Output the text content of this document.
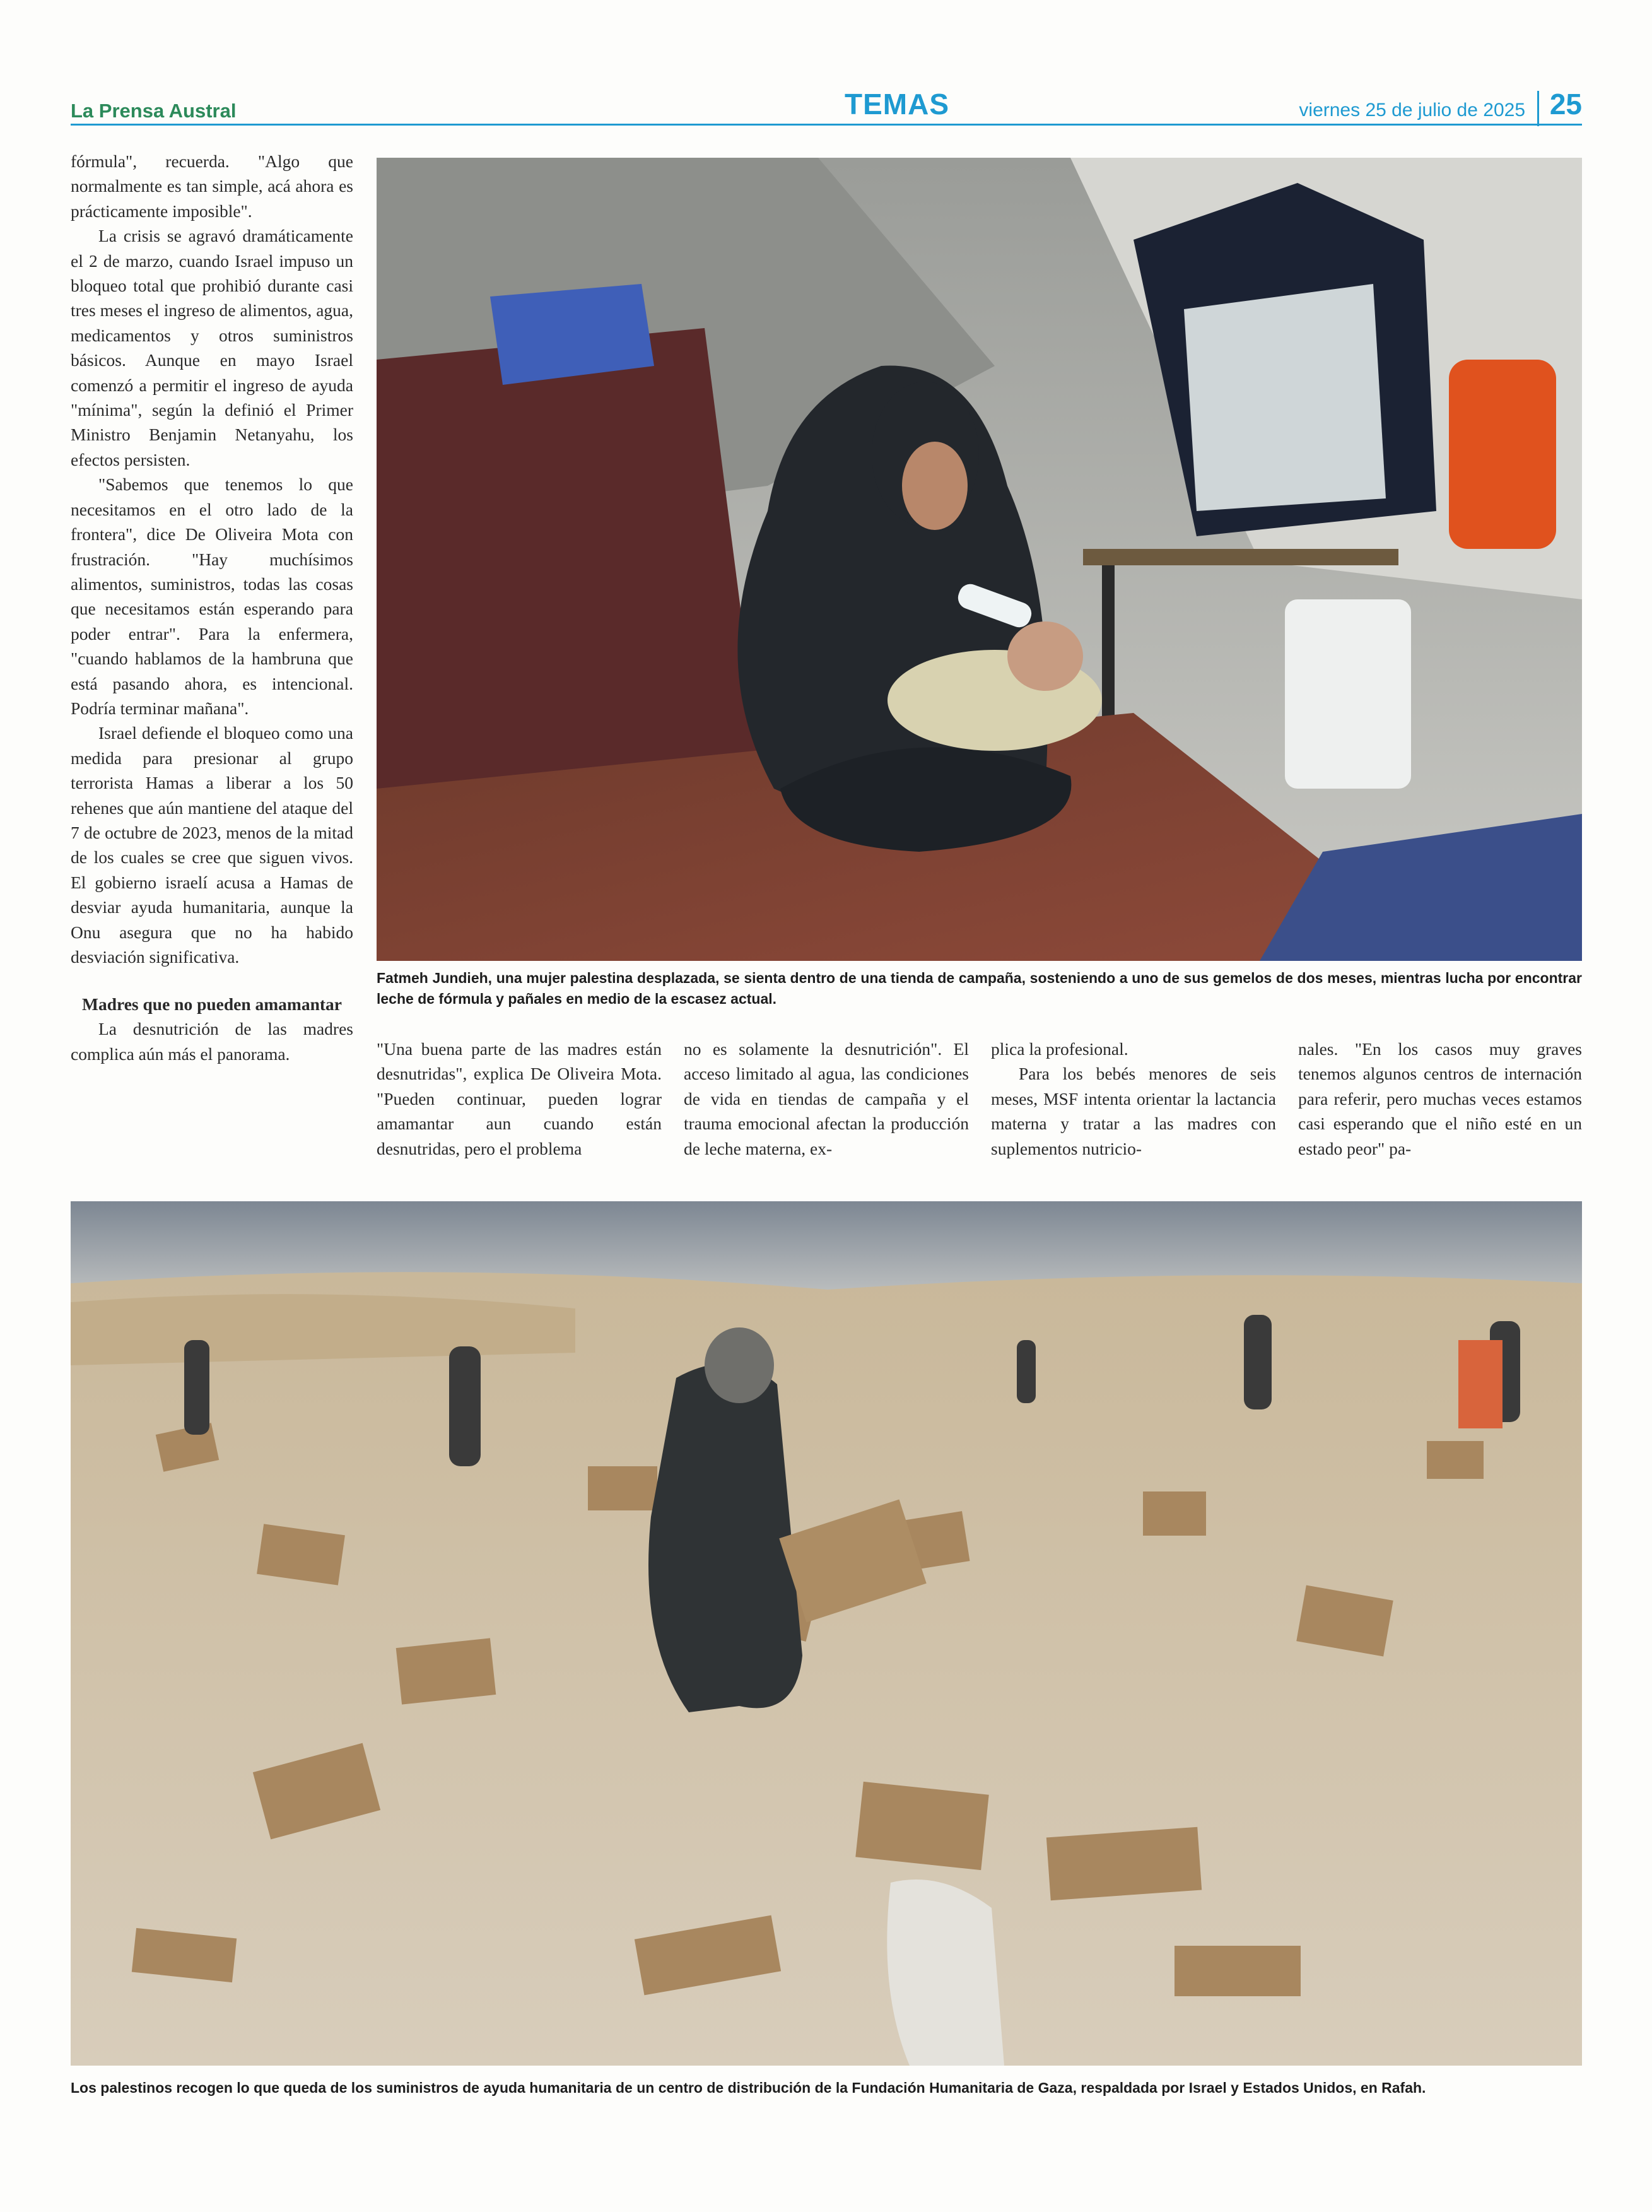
La Prensa Austral	TEMAS	viernes 25 de julio de 2025 25

fórmula", recuerda. "Algo que normalmente es tan simple, acá ahora es prácticamente imposible".

La crisis se agravó dramáticamente el 2 de marzo, cuando Israel impuso un bloqueo total que prohibió durante casi tres meses el ingreso de alimentos, agua, medicamentos y otros suministros básicos. Aunque en mayo Israel comenzó a permitir el ingreso de ayuda "mínima", según la definió el Primer Ministro Benjamin Netanyahu, los efectos persisten.

"Sabemos que tenemos lo que necesitamos en el otro lado de la frontera", dice De Oliveira Mota con frustración. "Hay muchísimos alimentos, suministros, todas las cosas que necesitamos están esperando para poder entrar". Para la enfermera, "cuando hablamos de la hambruna que está pasando ahora, es intencional. Podría terminar mañana".

Israel defiende el bloqueo como una medida para presionar al grupo terrorista Hamas a liberar a los 50 rehenes que aún mantiene del ataque del 7 de octubre de 2023, menos de la mitad de los cuales se cree que siguen vivos. El gobierno israelí acusa a Hamas de desviar ayuda humanitaria, aunque la Onu asegura que no ha habido desviación significativa.

Madres que no pueden amamantar

La desnutrición de las madres complica aún más el panorama.

Fatmeh Jundieh, una mujer palestina desplazada, se sienta dentro de una tienda de campaña, sosteniendo a uno de sus gemelos de dos meses, mientras lucha por encontrar leche de fórmula y pañales en medio de la escasez actual.

"Una buena parte de las madres están desnutridas", explica De Oliveira Mota. "Pueden continuar, pueden lograr amamantar aun cuando están desnutridas, pero el problema

no es solamente la desnutrición". El acceso limitado al agua, las condiciones de vida en tiendas de campaña y el trauma emocional afectan la producción de leche materna, ex-

plica la profesional.

Para los bebés menores de seis meses, MSF intenta orientar la lactancia materna y tratar a las madres con suplementos nutricio-

nales. "En los casos muy graves tenemos algunos centros de internación para referir, pero muchas veces estamos casi esperando que el niño esté en un estado peor" pa-

Los palestinos recogen lo que queda de los suministros de ayuda humanitaria de un centro de distribución de la Fundación Humanitaria de Gaza, respaldada por Israel y Estados Unidos, en Rafah.
